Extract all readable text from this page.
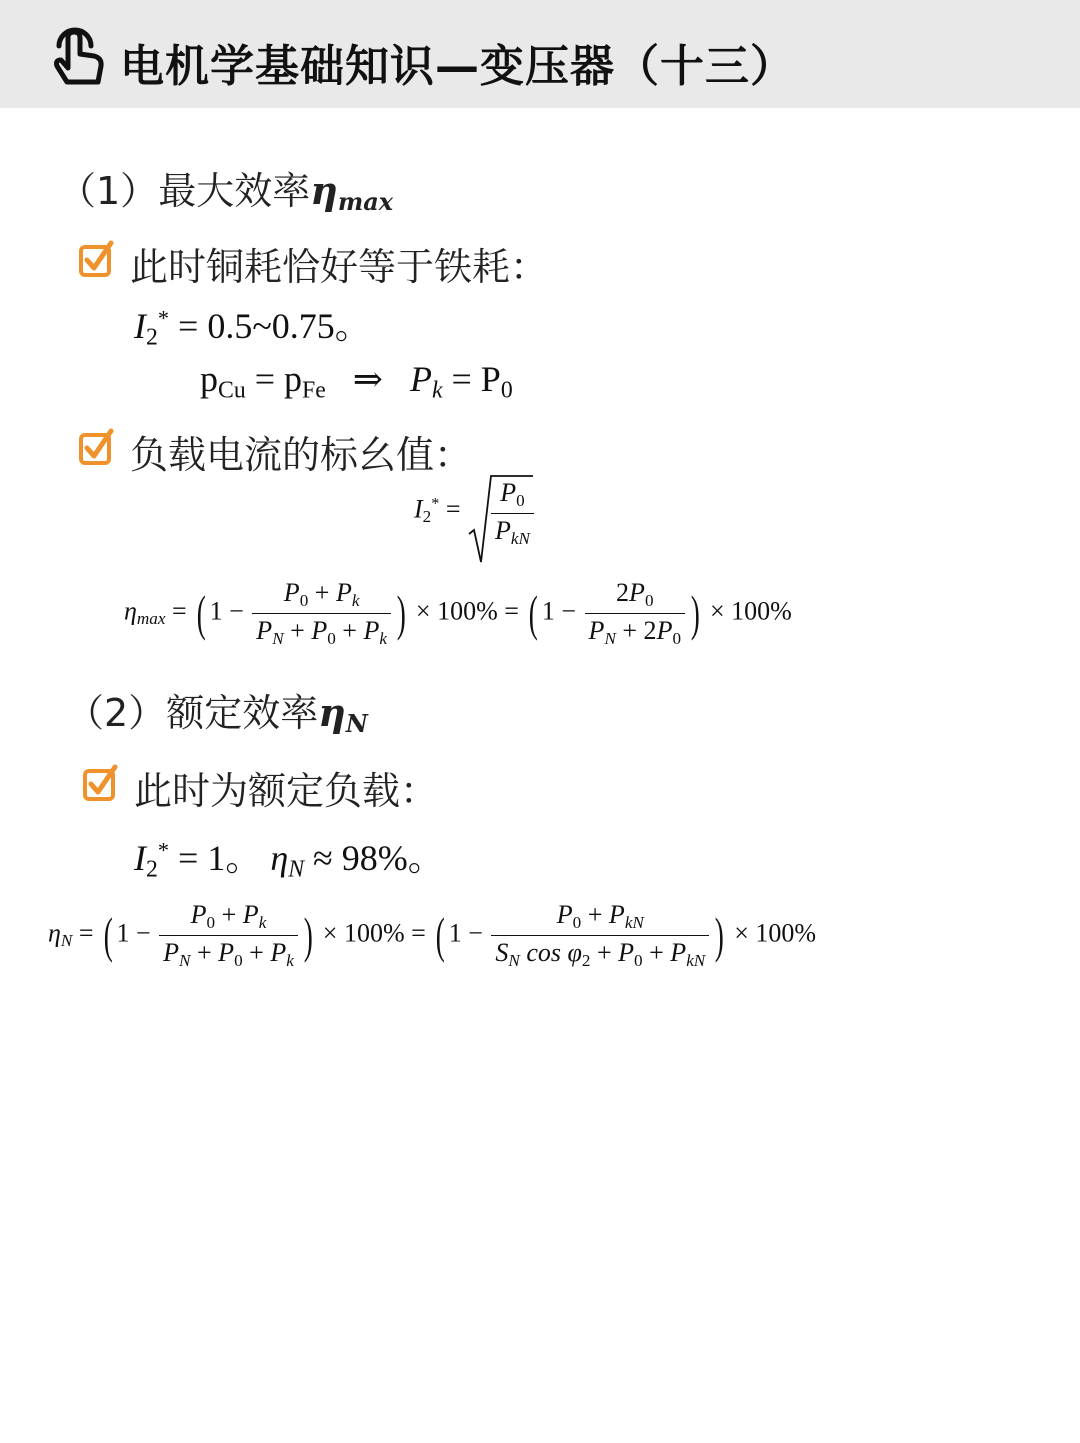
电机学基础知识—变压器（十三）
（1）最大效率$\eta_{max}$
此时铜耗恰好等于铁耗：
$I_2^*$ = 0.5~0.75。
$p_{Cu} = p_{Fe}$ ⇒ $P_k = P_0$
负载电流的标幺值：
$I_2^* = \frac{P_0}{P_{kN}}$
$\eta_{max}$ = ( $1 - \frac{P_0 + P_k}{P_N + P_0 + P_k}$ ) × 100% = ( $1 - \frac{2P_0}{P_N + 2P_0}$ ) × 100%
（2）额定效率$\eta_N$
此时为额定负载：
$I_2^* = 1$。 $\eta_N \approx 98\%$。
$\eta_N$ = ( $1 - \frac{P_0 + P_k}{P_N + P_0 + P_k}$ ) × 100% = ( $1 - \frac{P_0 + P_{kN}}{S_N \cos \varphi_2 + P_0 + P_{kN}}$ ) × 100%
